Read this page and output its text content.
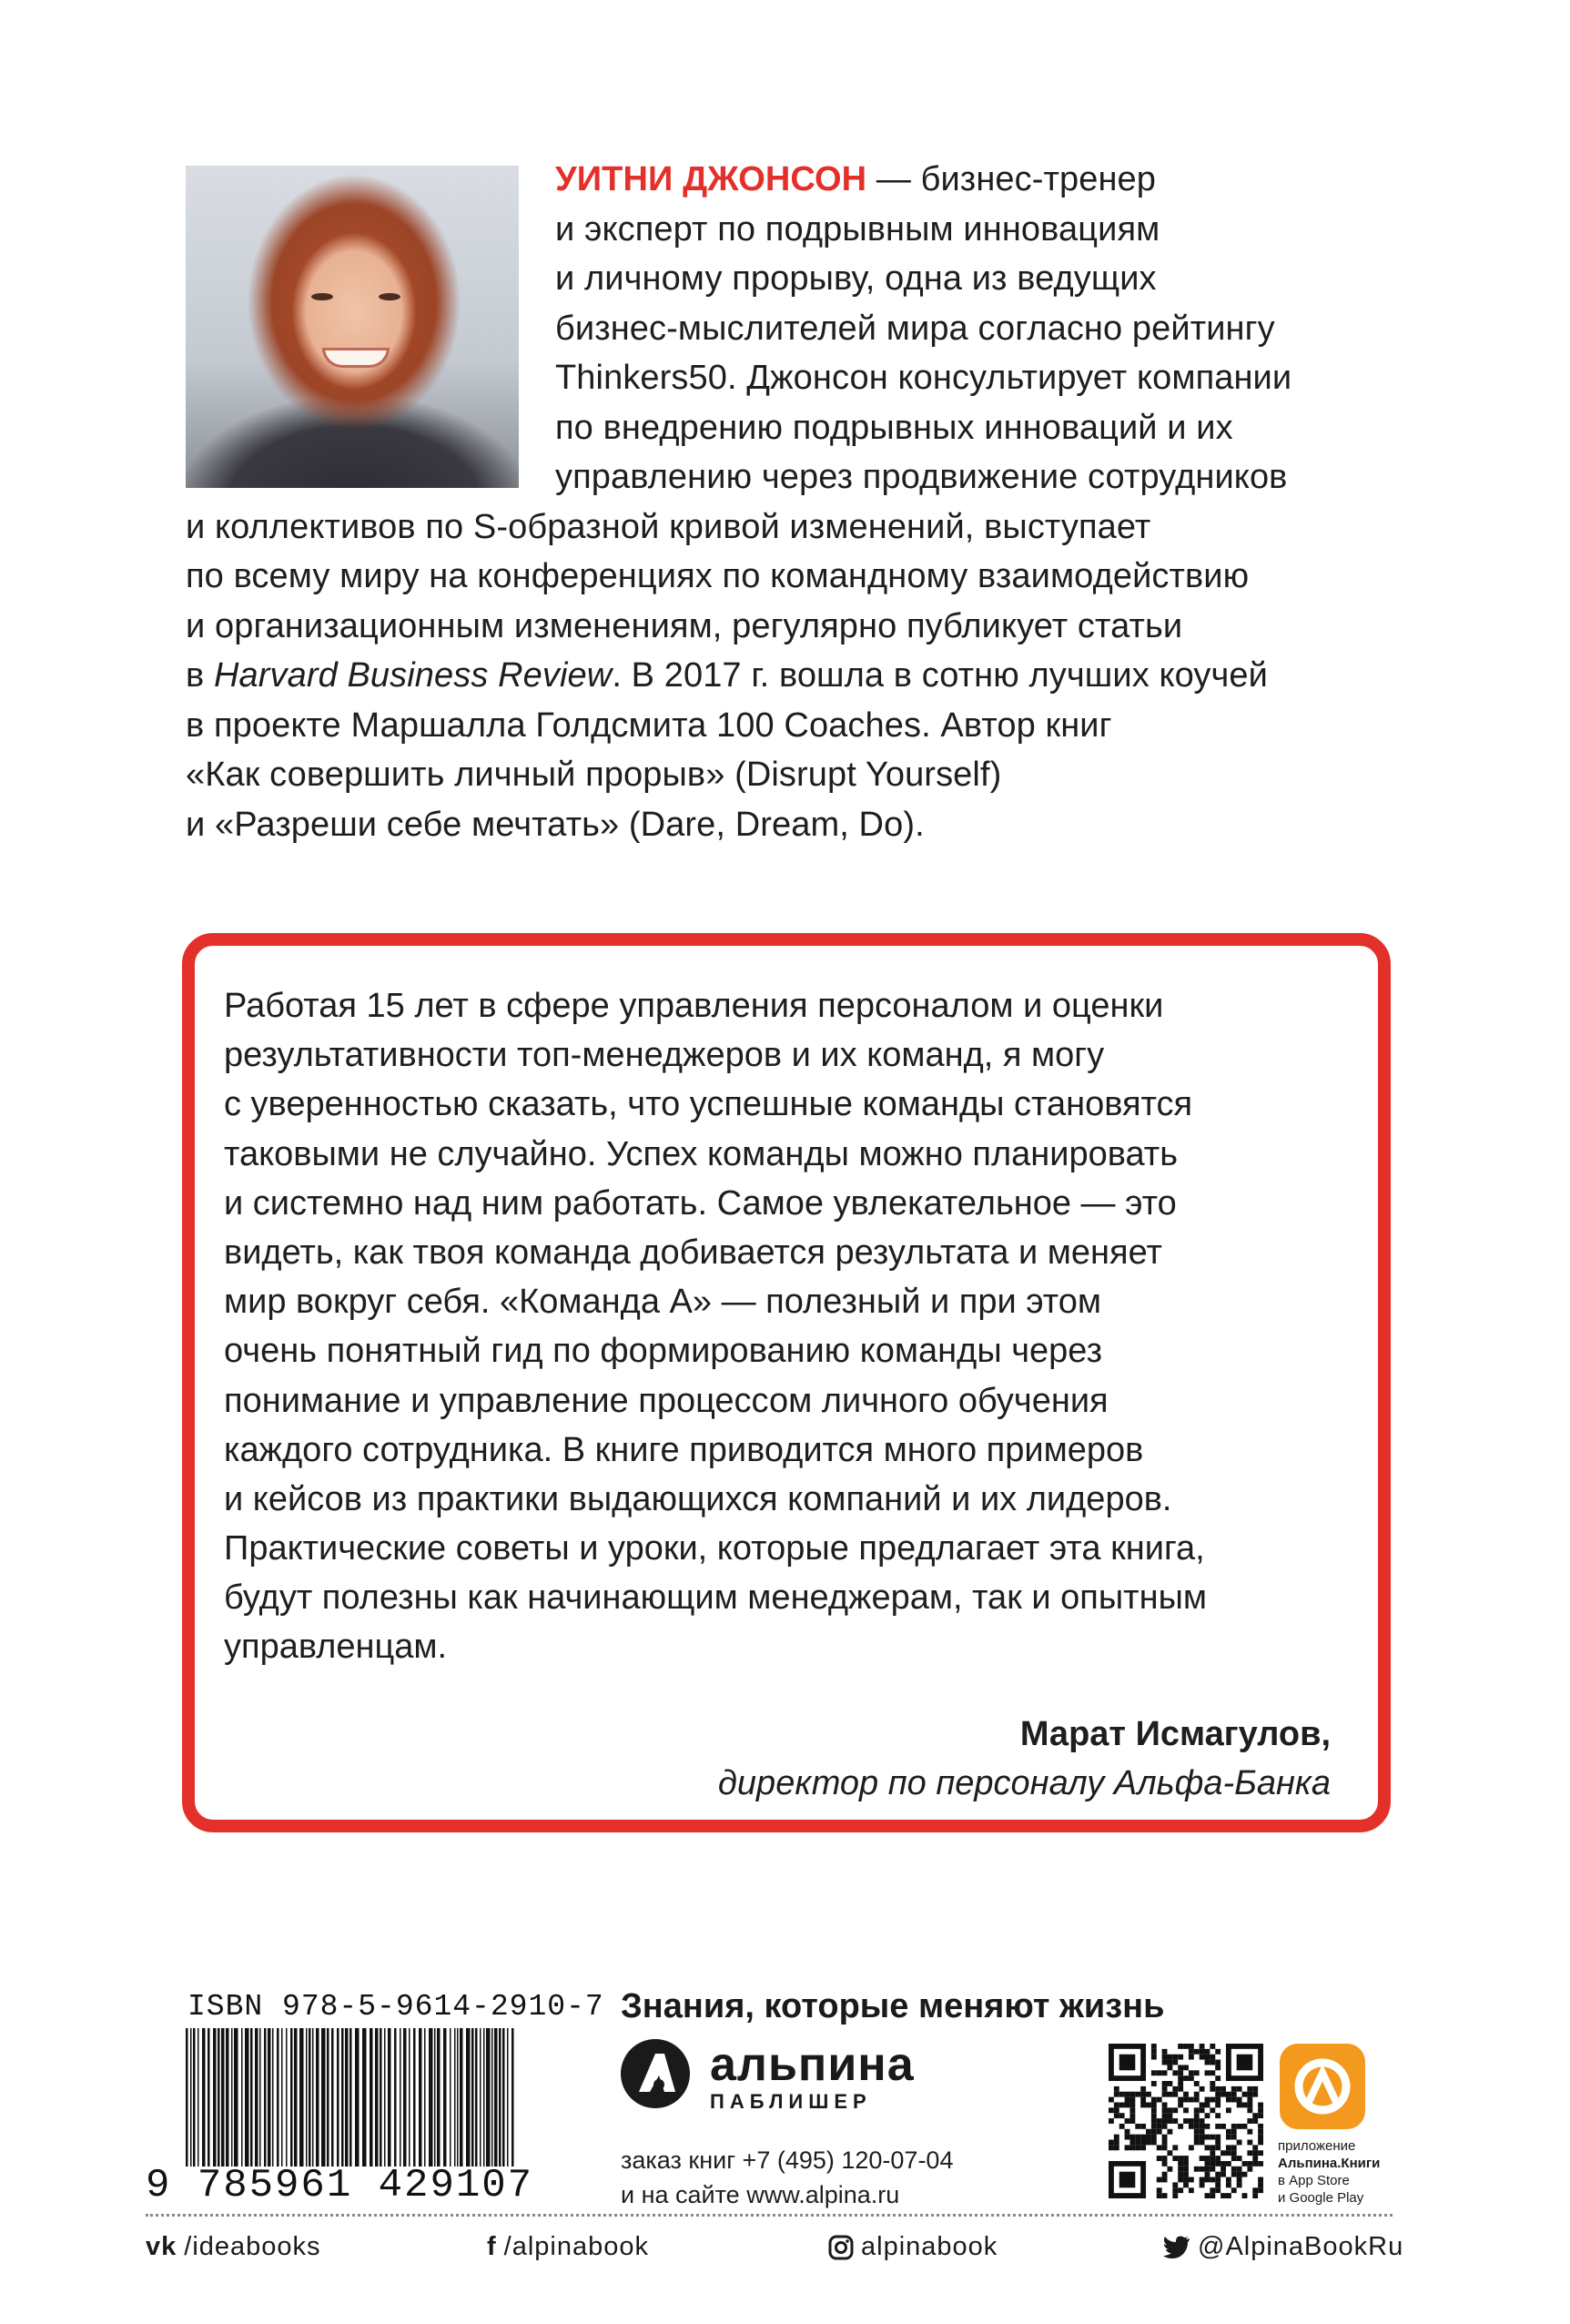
УИТНИ ДЖОНСОН — бизнес-тренер
и эксперт по подрывным инновациям
и личному прорыву, одна из ведущих
бизнес-мыслителей мира согласно рейтингу
Thinkers50. Джонсон консультирует компании
по внедрению подрывных инноваций и их
управлению через продвижение сотрудников
и коллективов по S-образной кривой изменений, выступает
по всему миру на конференциях по командному взаимодействию
и организационным изменениям, регулярно публикует статьи
в Harvard Business Review. В 2017 г. вошла в сотню лучших коучей
в проекте Маршалла Голдсмита 100 Coaches. Автор книг
«Как совершить личный прорыв» (Disrupt Yourself)
и «Разреши себе мечтать» (Dare, Dream, Do).
Работая 15 лет в сфере управления персоналом и оценки
результативности топ-менеджеров и их команд, я могу
с уверенностью сказать, что успешные команды становятся
таковыми не случайно. Успех команды можно планировать
и системно над ним работать. Самое увлекательное — это
видеть, как твоя команда добивается результата и меняет
мир вокруг себя. «Команда А» — полезный и при этом
очень понятный гид по формированию команды через
понимание и управление процессом личного обучения
каждого сотрудника. В книге приводится много примеров
и кейсов из практики выдающихся компаний и их лидеров.
Практические советы и уроки, которые предлагает эта книга,
будут полезны как начинающим менеджерам, так и опытным
управленцам.
Марат Исмагулов,
директор по персоналу Альфа-Банка
ISBN 978-5-9614-2910-7
9 785961 429107
Знания, которые меняют жизнь
альпина
ПАБЛИШЕР
заказ книг +7 (495) 120-07-04
и на сайте www.alpina.ru
приложение
Альпина.Книги
в App Store
и Google Play
vk /ideabooks	f /alpinabook	alpinabook	@AlpinaBookRu
